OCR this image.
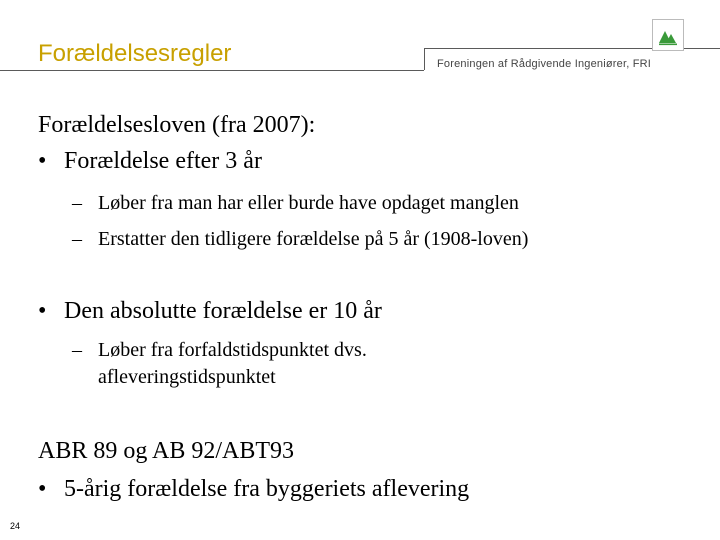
Forældelsesregler	Foreningen af Rådgivende Ingeniører, FRI
Forældelsesloven (fra 2007):
• Forældelse efter 3 år
– Løber fra man har eller burde have opdaget manglen
– Erstatter den tidligere forældelse på 5 år (1908-loven)
• Den absolutte forældelse er 10 år
– Løber fra forfaldstidspunktet dvs.
afleveringstidspunktet
ABR 89 og AB 92/ABT93
• 5-årig forældelse fra byggeriets aflevering
24
